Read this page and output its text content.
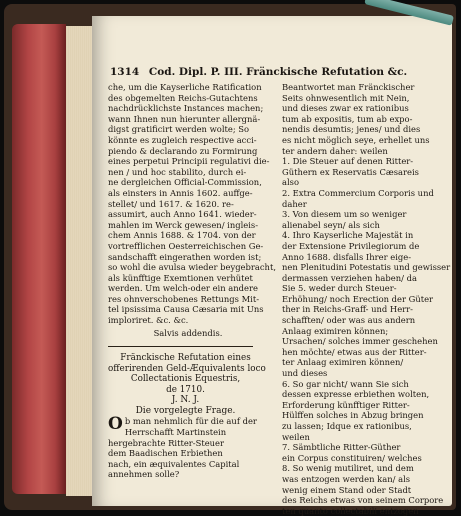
1314 Cod. Dipl. P. III. Fränckische Refutation &c.

che, um die Kayserliche Ratification

des obgemelten Reichs-Gutachtens

nachdrücklichste Instances machen;

wann Ihnen nun hierunter allergnä-

digst gratificirt werden wolte; So

könnte es zugleich respective acci-

piendo & declarando zu Formirung

eines perpetui Principii regulativi die-

nen / und hoc stabilito, durch ei-

ne dergleichen Official-Commission,

als einsters in Annis 1602. auffge-

stellet/ und 1617. & 1620. re-

assumirt, auch Anno 1641. wieder-

mahlen im Werck gewesen/ ingleis-

chem Annis 1688. & 1704. von der

vortrefflichen Oesterreichischen Ge-

sandschafft eingerathen worden ist;

so wohl die avulsa wieder beygebracht,

als künfftige Exemtionen verhütet

werden. Um welch-oder ein andere

res ohnverschobenes Rettungs Mit-

tel ipsissima Causa Cæsaria mit Uns

imploriret. &c. &c.

Salvis addendis.

Fränckische Refutation eines

offerirenden Geld-Æquivalents loco

Collectationis Equestris,

de 1710.

J. N. J.

Die vorgelegte Frage.

O b man nehmlich für die auf der

Herrschafft Martinstein

hergebrachte Ritter-Steuer

dem Baadischen Erbiethen

nach, ein æquivalentes Capital

annehmen solle?

Beantwortet man Fränckischer

Seits ohnwesentlich mit Nein,

und dieses zwar ex rationibus

tum ab expositis, tum ab expo-

nendis desumtis; jenes/ und dies

es nicht möglich seye, erhellet uns

ter andern daher: weilen

1. Die Steuer auf denen Ritter-

Güthern ex Reservatis Cæsareis

also

2. Extra Commercium Corporis und

daher

3. Von diesem um so weniger

alienabel seyn/ als sich

4. Ihro Kayserliche Majestät in

der Extensione Privilegiorum de

Anno 1688. disfalls Ihrer eige-

nen Plenitudini Potestatis und gewisser

dermassen verziehen haben/ da

Sie 5. weder durch Steuer-

Erhöhung/ noch Erection der Güter

ther in Reichs-Graff- und Herr-

schafften/ oder was aus andern

Anlaag eximiren können;

Ursachen/ solches immer geschehen

hen möchte/ etwas aus der Ritter-

ter Anlaag eximiren können/

und dieses

6. So gar nicht/ wann Sie sich

dessen expresse erbiethen wolten,

Erforderung künfftiger Ritter-

Hülffen solches in Abzug bringen

zu lassen; Idque ex rationibus,

weilen

7. Sämbtliche Ritter-Güther

ein Corpus constituiren/ welches

8. So wenig mutiliret, und dem

was entzogen werden kan/ als

wenig einem Stand oder Stadt

des Reichs etwas von seinem Corpore

ten quanto collectabili entzogen
